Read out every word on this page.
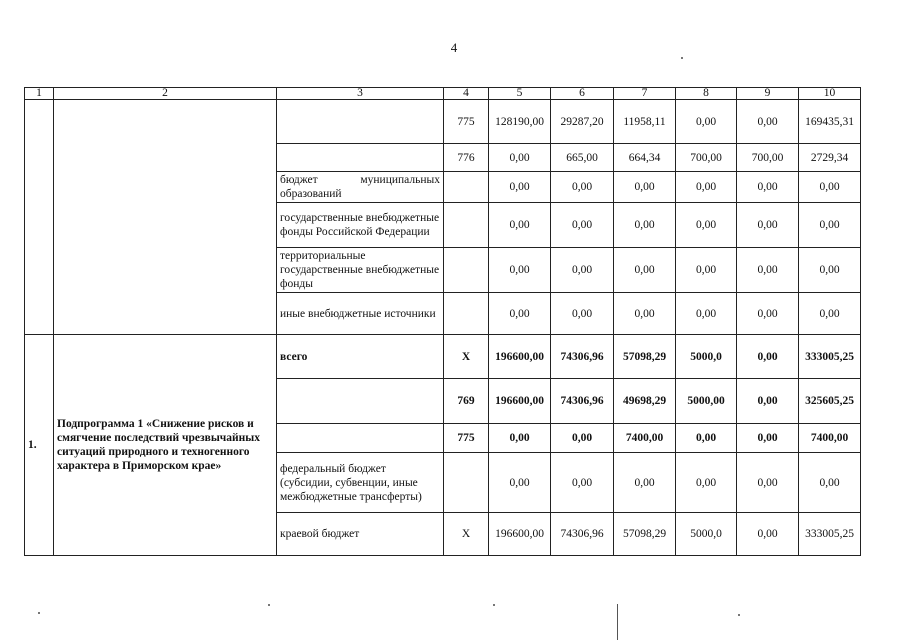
4
1	2	3	4	5	6	7	8	9	10
			775	128190,00	29287,20	11958,11	0,00	0,00	169435,31
			776	0,00	665,00	664,34	700,00	700,00	2729,34
		бюджет муниципальных образований		0,00	0,00	0,00	0,00	0,00	0,00
		государственные внебюджетные фонды Российской Федерации		0,00	0,00	0,00	0,00	0,00	0,00
		территориальные государственные внебюджетные фонды		0,00	0,00	0,00	0,00	0,00	0,00
		иные внебюджетные источники		0,00	0,00	0,00	0,00	0,00	0,00
1.	Подпрограмма 1 «Снижение рисков и смягчение последствий чрезвычайных ситуаций природного и техногенного характера в Приморском крае»	всего	X	196600,00	74306,96	57098,29	5000,0	0,00	333005,25
			769	196600,00	74306,96	49698,29	5000,00	0,00	325605,25
			775	0,00	0,00	7400,00	0,00	0,00	7400,00
		федеральный бюджет (субсидии, субвенции, иные межбюджетные трансферты)		0,00	0,00	0,00	0,00	0,00	0,00
		краевой бюджет	X	196600,00	74306,96	57098,29	5000,0	0,00	333005,25
